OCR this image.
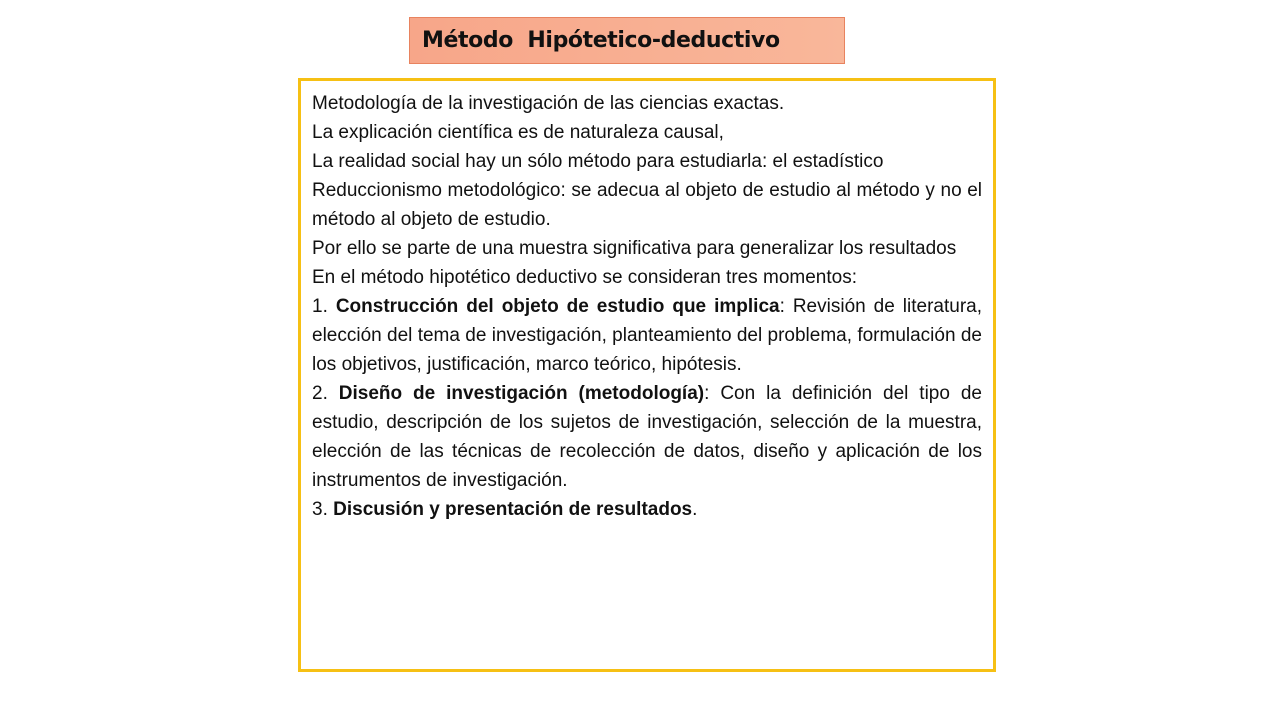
Método  Hipótetico-deductivo

Metodología de la investigación de las ciencias exactas.

La explicación científica es de naturaleza causal,

La realidad social hay un sólo método para estudiarla: el estadístico

Reduccionismo metodológico: se adecua al objeto de estudio al método y no el método al objeto de estudio.

Por ello se parte de una muestra significativa para generalizar los resultados

En el método hipotético deductivo se consideran tres momentos:

1. Construcción del objeto de estudio que implica: Revisión de literatura, elección del tema de investigación, planteamiento del problema, formulación de los objetivos, justificación, marco teórico, hipótesis.

2. Diseño de investigación (metodología): Con la definición del tipo de estudio, descripción de los sujetos de investigación, selección de la muestra, elección de las técnicas de recolección de datos, diseño y aplicación de los instrumentos de investigación.

3. Discusión y presentación de resultados.
